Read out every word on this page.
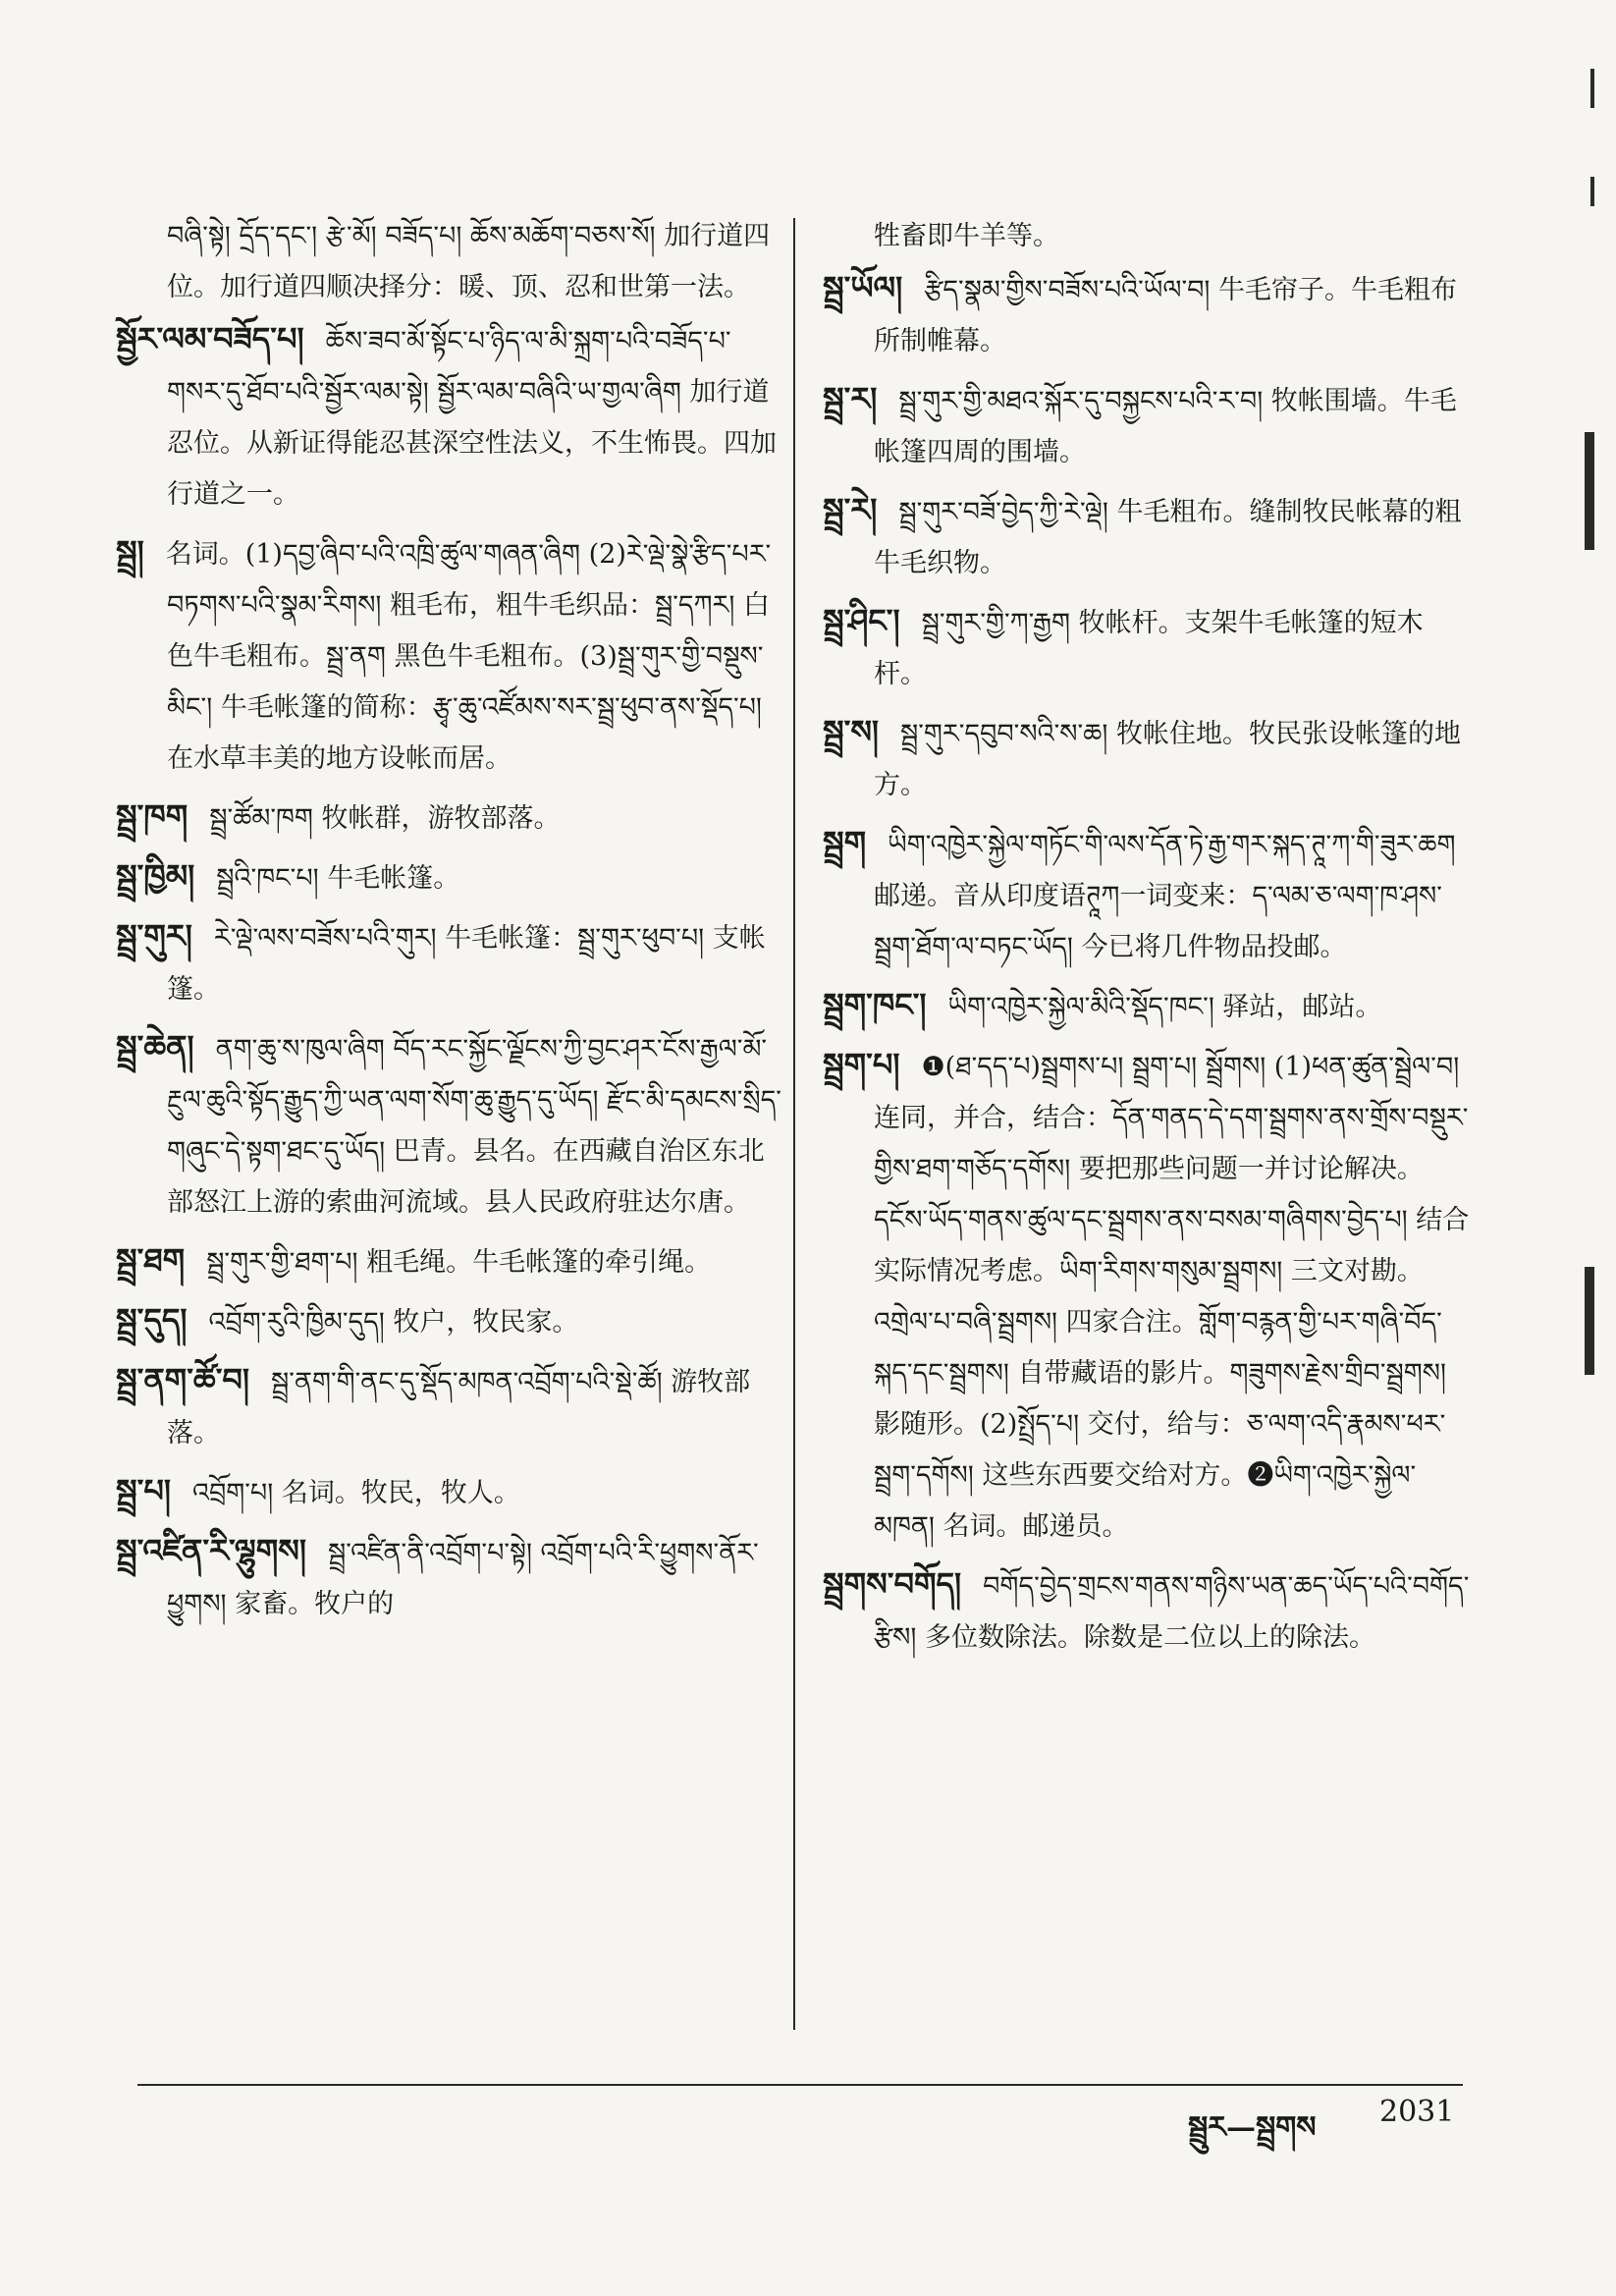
བཞི་སྟེ། དྲོད་དང་། རྩེ་མོ། བཟོད་པ། ཆོས་མཆོག་བཅས་སོ། 加行道四位。加行道四顺决择分：暖、顶、忍和世第一法。
སྦྱོར་ལམ་བཟོད་པ། ཆོས་ཟབ་མོ་སྟོང་པ་ཉིད་ལ་མི་སྐྲག་པའི་བཟོད་པ་གསར་དུ་ཐོབ་པའི་སྦྱོར་ལམ་སྟེ། སྦྱོར་ལམ་བཞིའི་ཡ་གྱལ་ཞིག 加行道忍位。从新证得能忍甚深空性法义，不生怖畏。四加行道之一。
སྦྲ། 名词。(1)དབྱ་ཞིབ་པའི་འཁྲི་ཚུལ་གཞན་ཞིག (2)རེ་ལྡེ་སྣེ་རྩིད་པར་བཏགས་པའི་སྣམ་རིགས། 粗毛布，粗牛毛织品：སྦྲ་དཀར། 白色牛毛粗布。སྦྲ་ནག 黑色牛毛粗布。(3)སྦྲ་གུར་གྱི་བསྡུས་མིང་། 牛毛帐篷的简称：རྩྭ་ཆུ་འཛོམས་སར་སྦྲ་ཕུབ་ནས་སྡོད་པ། 在水草丰美的地方设帐而居。
སྦྲ་ཁག སྦྲ་ཚོམ་ཁག 牧帐群，游牧部落。
སྦྲ་ཁྱིམ། སྦྲའི་ཁང་པ། 牛毛帐篷。
སྦྲ་གུར། རེ་ལྡེ་ལས་བཟོས་པའི་གུར། 牛毛帐篷：སྦྲ་གུར་ཕུབ་པ། 支帐篷。
སྦྲ་ཆེན། ནག་ཆུ་ས་ཁུལ་ཞིག བོད་རང་སྐྱོང་ལྗོངས་ཀྱི་བྱང་ཤར་ངོས་རྒྱལ་མོ་རྔུལ་ཆུའི་སྟོད་རྒྱུད་ཀྱི་ཡན་ལག་སོག་ཆུ་རྒྱུད་དུ་ཡོད། རྫོང་མི་དམངས་སྲིད་གཞུང་དེ་སྟག་ཐང་དུ་ཡོད། 巴青。县名。在西藏自治区东北部怒江上游的索曲河流域。县人民政府驻达尔唐。
སྦྲ་ཐག སྦྲ་གུར་གྱི་ཐག་པ། 粗毛绳。牛毛帐篷的牵引绳。
སྦྲ་དུད། འབྲོག་རུའི་ཁྱིམ་དུད། 牧户，牧民家。
སྦྲ་ནག་ཚོ་བ། སྦྲ་ནག་གི་ནང་དུ་སྡོད་མཁན་འབྲོག་པའི་སྡེ་ཚོ། 游牧部落。
སྦྲ་པ། འབྲོག་པ། 名词。牧民，牧人。
སྦྲ་འཛིན་རི་ལྷུགས། སྦྲ་འཛིན་ནི་འབྲོག་པ་སྟེ། འབྲོག་པའི་རི་ཕྱུགས་ནོར་ཕྱུགས། 家畜。牧户的
牲畜即牛羊等。
སྦྲ་ཡོལ། རྩིད་སྣམ་གྱིས་བཟོས་པའི་ཡོལ་བ། 牛毛帘子。牛毛粗布所制帷幕。
སྦྲ་ར། སྦྲ་གུར་གྱི་མཐའ་སྐོར་དུ་བསྐྱངས་པའི་ར་བ། 牧帐围墙。牛毛帐篷四周的围墙。
སྦྲ་རེ། སྦྲ་གུར་བཟོ་བྱེད་ཀྱི་རེ་ལྡེ། 牛毛粗布。缝制牧民帐幕的粗牛毛织物。
སྦྲ་ཤིང་། སྦྲ་གུར་གྱི་ཀ་རྒྱག 牧帐杆。支架牛毛帐篷的短木杆。
སྦྲ་ས། སྦྲ་གུར་དབུབ་སའི་ས་ཆ། 牧帐住地。牧民张设帐篷的地方。
སྦྲག ཡིག་འཁྱེར་སྐྱེལ་གཏོང་གི་ལས་དོན་ཏེ་རྒྱ་གར་སྐད་ཊཱ་ཀ་གི་ཟུར་ཆག 邮递。音从印度语ཊཱཀ一词变来：ད་ལམ་ཅ་ལག་ཁ་ཤས་སྦྲག་ཐོག་ལ་བཏང་ཡོད། 今已将几件物品投邮。
སྦྲག་ཁང་། ཡིག་འཁྱེར་སྐྱེལ་མིའི་སྡོད་ཁང་། 驿站，邮站。
སྦྲག་པ། ❶(ཐ་དད་པ)སྦྲགས་པ། སྦྲག་པ། སྦྲོགས། (1)ཕན་ཚུན་སྦྲེལ་བ། 连同，并合，结合：དོན་གནད་དེ་དག་སྦྲགས་ནས་གྲོས་བསྡུར་གྱིས་ཐག་གཅོད་དགོས། 要把那些问题一并讨论解决。དངོས་ཡོད་གནས་ཚུལ་དང་སྦྲགས་ནས་བསམ་གཞིགས་བྱེད་པ། 结合实际情况考虑。ཡིག་རིགས་གསུམ་སྦྲགས། 三文对勘。འགྲེལ་པ་བཞི་སྦྲགས། 四家合注。གློག་བརྙན་གྱི་པར་གཞི་བོད་སྐད་དང་སྦྲགས། 自带藏语的影片。གཟུགས་རྗེས་གྲིབ་སྦྲགས། 影随形。(2)སྤྲོད་པ། 交付，给与：ཅ་ལག་འདི་རྣམས་ཕར་སྦྲག་དགོས། 这些东西要交给对方。❷ཡིག་འཁྱེར་སྐྱེལ་མཁན། 名词。邮递员。
སྦྲགས་བགོད། བགོད་བྱེད་གྲངས་གནས་གཉིས་ཡན་ཆད་ཡོད་པའི་བགོད་རྩིས། 多位数除法。除数是二位以上的除法。
སྦྲུར—སྦྲགས 2031
